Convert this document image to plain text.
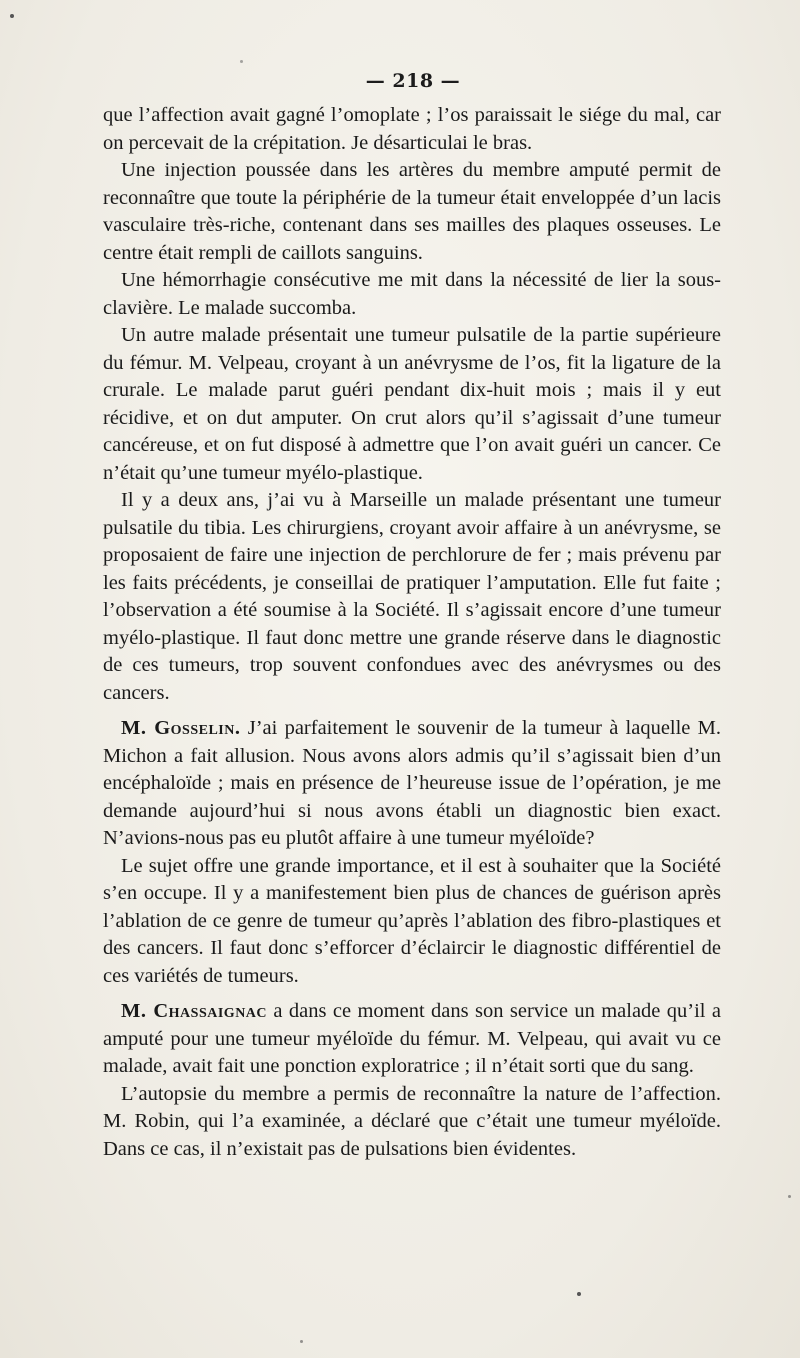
— 218 —

que l’affection avait gagné l’omoplate ; l’os paraissait le siége du mal, car on percevait de la crépitation. Je désarticulai le bras.

Une injection poussée dans les artères du membre amputé permit de reconnaître que toute la périphérie de la tumeur était enveloppée d’un lacis vasculaire très-riche, contenant dans ses mailles des plaques osseuses. Le centre était rempli de caillots sanguins.

Une hémorrhagie consécutive me mit dans la nécessité de lier la sous-clavière. Le malade succomba.

Un autre malade présentait une tumeur pulsatile de la partie supérieure du fémur. M. Velpeau, croyant à un anévrysme de l’os, fit la ligature de la crurale. Le malade parut guéri pendant dix-huit mois ; mais il y eut récidive, et on dut amputer. On crut alors qu’il s’agissait d’une tumeur cancéreuse, et on fut disposé à admettre que l’on avait guéri un cancer. Ce n’était qu’une tumeur myélo-plastique.

Il y a deux ans, j’ai vu à Marseille un malade présentant une tumeur pulsatile du tibia. Les chirurgiens, croyant avoir affaire à un anévrysme, se proposaient de faire une injection de perchlorure de fer ; mais prévenu par les faits précédents, je conseillai de pratiquer l’amputation. Elle fut faite ; l’observation a été soumise à la Société. Il s’agissait encore d’une tumeur myélo-plastique. Il faut donc mettre une grande réserve dans le diagnostic de ces tumeurs, trop souvent confondues avec des anévrysmes ou des cancers.

M. Gosselin. J’ai parfaitement le souvenir de la tumeur à laquelle M. Michon a fait allusion. Nous avons alors admis qu’il s’agissait bien d’un encéphaloïde ; mais en présence de l’heureuse issue de l’opération, je me demande aujourd’hui si nous avons établi un diagnostic bien exact. N’avions-nous pas eu plutôt affaire à une tumeur myéloïde?

Le sujet offre une grande importance, et il est à souhaiter que la Société s’en occupe. Il y a manifestement bien plus de chances de guérison après l’ablation de ce genre de tumeur qu’après l’ablation des fibro-plastiques et des cancers. Il faut donc s’efforcer d’éclaircir le diagnostic différentiel de ces variétés de tumeurs.

M. Chassaignac a dans ce moment dans son service un malade qu’il a amputé pour une tumeur myéloïde du fémur. M. Velpeau, qui avait vu ce malade, avait fait une ponction exploratrice ; il n’était sorti que du sang.

L’autopsie du membre a permis de reconnaître la nature de l’affection. M. Robin, qui l’a examinée, a déclaré que c’était une tumeur myéloïde. Dans ce cas, il n’existait pas de pulsations bien évidentes.
